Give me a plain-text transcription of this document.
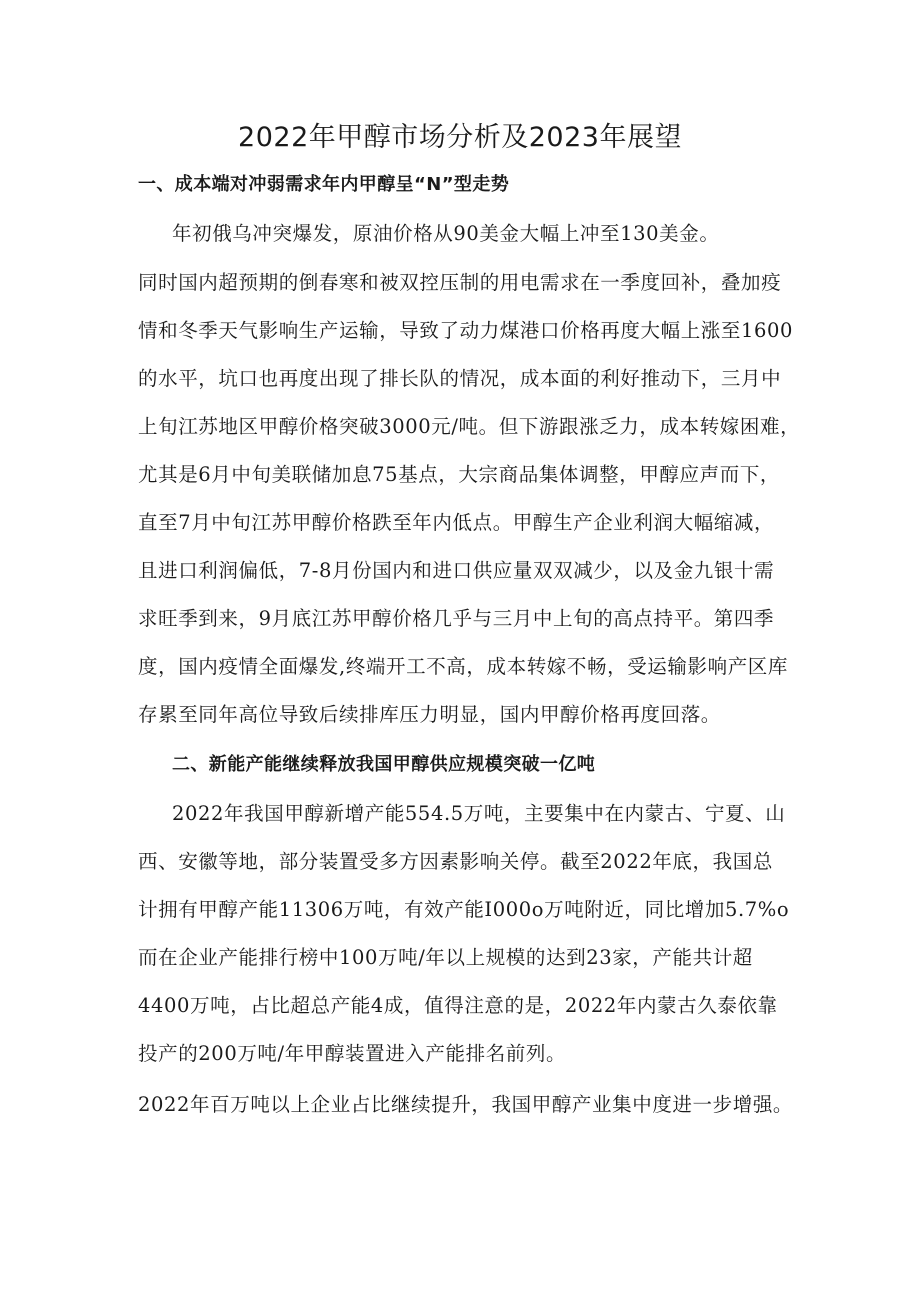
2022年甲醇市场分析及2023年展望
一、成本端对冲弱需求年内甲醇呈“N”型走势
年初俄乌冲突爆发，原油价格从90美金大幅上冲至130美金。
同时国内超预期的倒春寒和被双控压制的用电需求在一季度回补，叠加疫
情和冬季天气影响生产运输，导致了动力煤港口价格再度大幅上涨至1600
的水平，坑口也再度出现了排长队的情况，成本面的利好推动下，三月中
上旬江苏地区甲醇价格突破3000元/吨。但下游跟涨乏力，成本转嫁困难，
尤其是6月中旬美联储加息75基点，大宗商品集体调整，甲醇应声而下，
直至7月中旬江苏甲醇价格跌至年内低点。甲醇生产企业利润大幅缩减，
且进口利润偏低，7-8月份国内和进口供应量双双减少，以及金九银十需
求旺季到来，9月底江苏甲醇价格几乎与三月中上旬的高点持平。第四季
度，国内疫情全面爆发,终端开工不高，成本转嫁不畅，受运输影响产区库
存累至同年高位导致后续排库压力明显，国内甲醇价格再度回落。
二、新能产能继续释放我国甲醇供应规模突破一亿吨
2022年我国甲醇新增产能554.5万吨，主要集中在内蒙古、宁夏、山
西、安徽等地，部分装置受多方因素影响关停。截至2022年底，我国总
计拥有甲醇产能11306万吨，有效产能I000o万吨附近，同比增加5.7%o
而在企业产能排行榜中100万吨/年以上规模的达到23家，产能共计超
4400万吨，占比超总产能4成，值得注意的是，2022年内蒙古久泰依靠
投产的200万吨/年甲醇装置进入产能排名前列。
2022年百万吨以上企业占比继续提升，我国甲醇产业集中度进一步增强。
